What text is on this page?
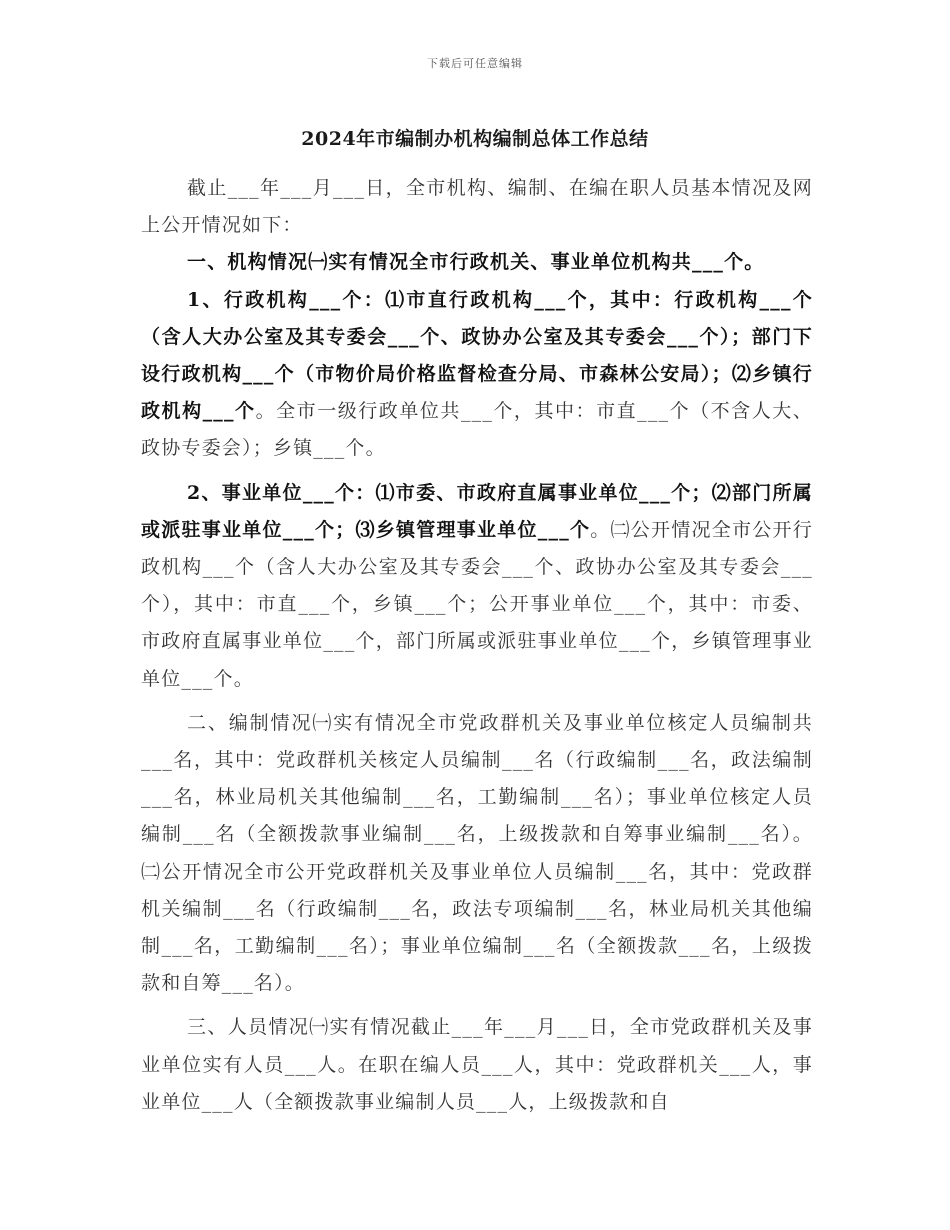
下载后可任意编辑
2024年市编制办机构编制总体工作总结

截止___年___月___日，全市机构、编制、在编在职人员基本情况及网上公开情况如下：

一、机构情况㈠实有情况全市行政机关、事业单位机构共___个。

1、行政机构___个：⑴市直行政机构___个，其中：行政机构___个（含人大办公室及其专委会___个、政协办公室及其专委会___个）；部门下设行政机构___个（市物价局价格监督检查分局、市森林公安局）；⑵乡镇行政机构___个。全市一级行政单位共___个，其中：市直___个（不含人大、政协专委会）；乡镇___个。

2、事业单位___个：⑴市委、市政府直属事业单位___个；⑵部门所属或派驻事业单位___个；⑶乡镇管理事业单位___个。㈡公开情况全市公开行政机构___个（含人大办公室及其专委会___个、政协办公室及其专委会___个），其中：市直___个，乡镇___个；公开事业单位___个，其中：市委、市政府直属事业单位___个，部门所属或派驻事业单位___个，乡镇管理事业单位___个。

二、编制情况㈠实有情况全市党政群机关及事业单位核定人员编制共___名，其中：党政群机关核定人员编制___名（行政编制___名，政法编制___名，林业局机关其他编制___名，工勤编制___名）；事业单位核定人员编制___名（全额拨款事业编制___名，上级拨款和自筹事业编制___名）。㈡公开情况全市公开党政群机关及事业单位人员编制___名，其中：党政群机关编制___名（行政编制___名，政法专项编制___名，林业局机关其他编制___名，工勤编制___名）；事业单位编制___名（全额拨款___名，上级拨款和自筹___名）。

三、人员情况㈠实有情况截止___年___月___日，全市党政群机关及事业单位实有人员___人。在职在编人员___人，其中：党政群机关___人，事业单位___人（全额拨款事业编制人员___人，上级拨款和自
